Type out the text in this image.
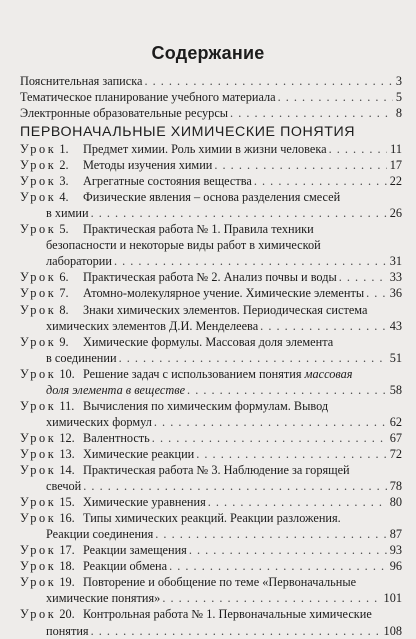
Содержание
Пояснительная записка . . .	3
Тематическое планирование учебного материала . . .	5
Электронные образовательные ресурсы . . .	8
ПЕРВОНАЧАЛЬНЫЕ ХИМИЧЕСКИЕ ПОНЯТИЯ
Урок 1. Предмет химии. Роль химии в жизни человека . . .	11
Урок 2. Методы изучения химии . . .	17
Урок 3. Агрегатные состояния вещества . . .	22
Урок 4. Физические явления – основа разделения смесей
в химии . . .	26
Урок 5. Практическая работа № 1. Правила техники
безопасности и некоторые виды работ в химической
лаборатории . . .	31
Урок 6. Практическая работа № 2. Анализ почвы и воды . . .	33
Урок 7. Атомно-молекулярное учение. Химические элементы . . . 36
Урок 8. Знаки химических элементов. Периодическая система
химических элементов Д.И. Менделеева . . .	43
Урок 9. Химические формулы. Массовая доля элемента
в соединении . . .	51
Урок 10. Решение задач с использованием понятия массовая
доля элемента в веществе . . .	58
Урок 11. Вычисления по химическим формулам. Вывод
химических формул . . .	62
Урок 12. Валентность . . .	67
Урок 13. Химические реакции . . .	72
Урок 14. Практическая работа № 3. Наблюдение за горящей
свечой . . .	78
Урок 15. Химические уравнения . . .	80
Урок 16. Типы химических реакций. Реакции разложения.
Реакции соединения . . .	87
Урок 17. Реакции замещения . . .	93
Урок 18. Реакции обмена . . .	96
Урок 19. Повторение и обобщение по теме «Первоначальные
химические понятия» . . .	101
Урок 20. Контрольная работа № 1. Первоначальные химические
понятия . . .	108
